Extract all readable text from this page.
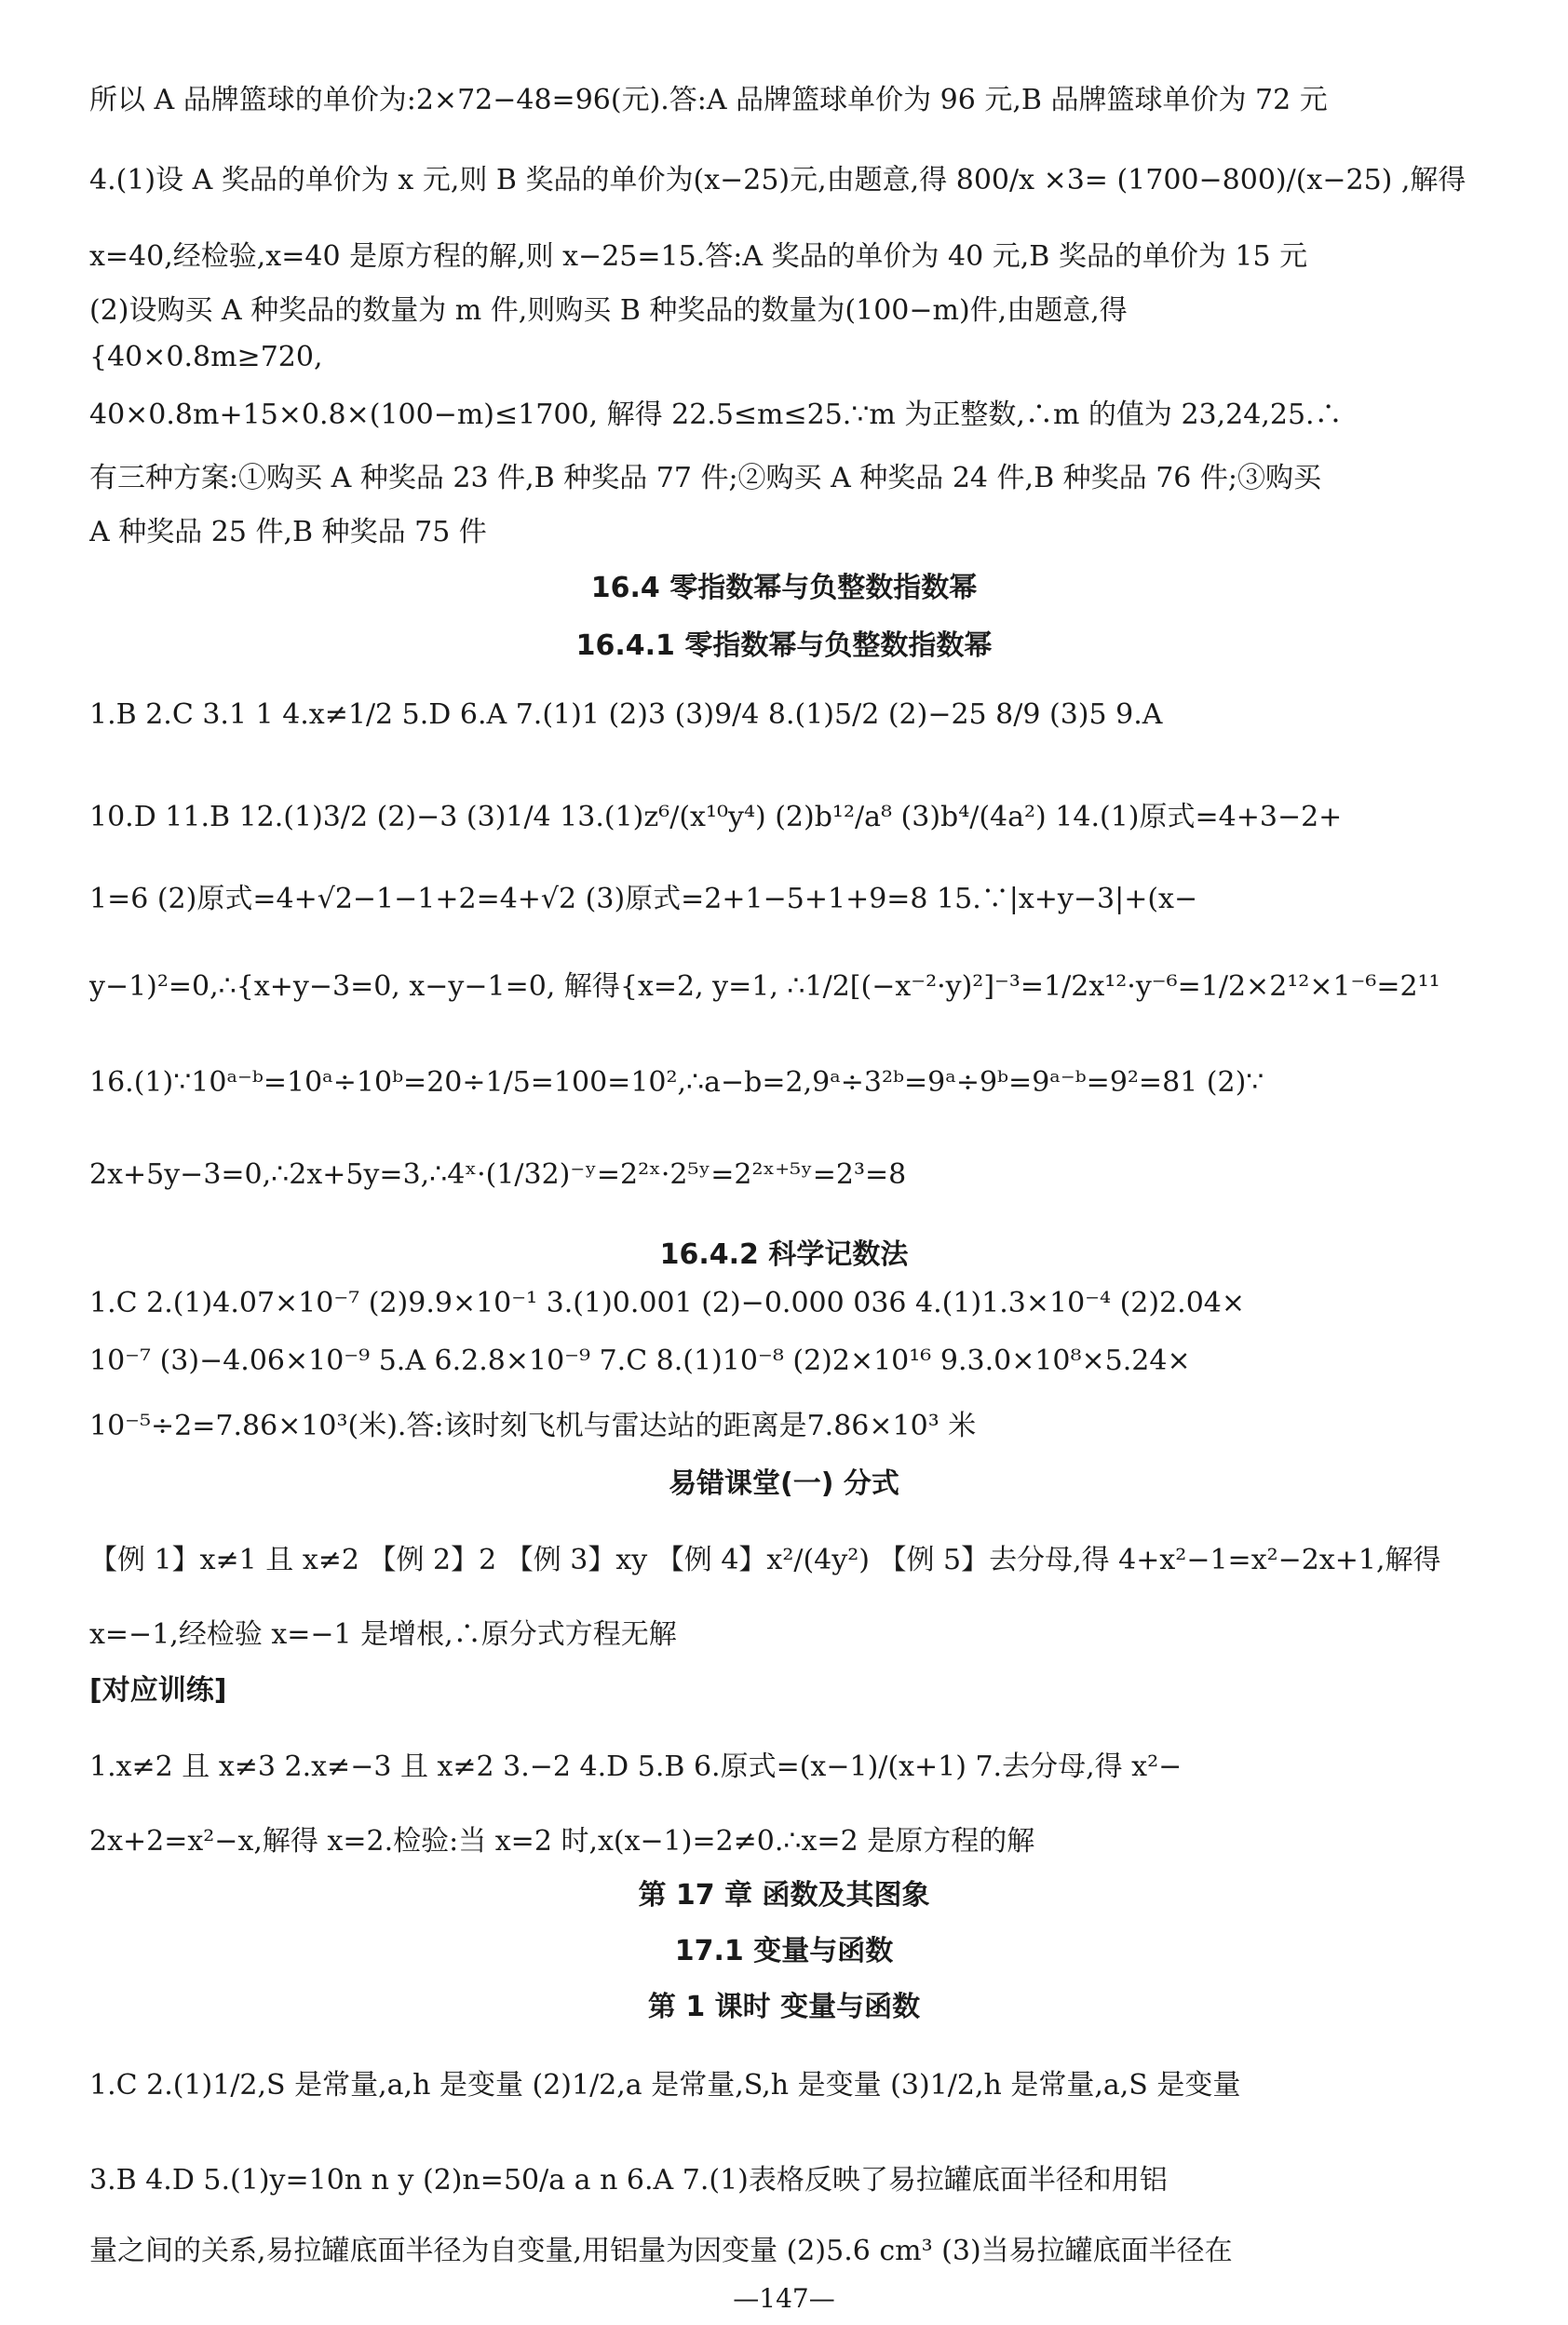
所以 A 品牌篮球的单价为:2×72−48=96(元).答:A 品牌篮球单价为 96 元,B 品牌篮球单价为 72 元
4.(1)设 A 奖品的单价为 x 元,则 B 奖品的单价为(x−25)元,由题意,得 800/x ×3= (1700−800)/(x−25) ,解得
x=40,经检验,x=40 是原方程的解,则 x−25=15.答:A 奖品的单价为 40 元,B 奖品的单价为 15 元
(2)设购买 A 种奖品的数量为 m 件,则购买 B 种奖品的数量为(100−m)件,由题意,得
{40×0.8m≥720,
40×0.8m+15×0.8×(100−m)≤1700, 解得 22.5≤m≤25.∵m 为正整数,∴m 的值为 23,24,25.∴
有三种方案:①购买 A 种奖品 23 件,B 种奖品 77 件;②购买 A 种奖品 24 件,B 种奖品 76 件;③购买
A 种奖品 25 件,B 种奖品 75 件
16.4 零指数幂与负整数指数幂
16.4.1 零指数幂与负整数指数幂
1.B 2.C 3.1 1 4.x≠1/2 5.D 6.A 7.(1)1 (2)3 (3)9/4 8.(1)5/2 (2)−25 8/9 (3)5 9.A
10.D 11.B 12.(1)3/2 (2)−3 (3)1/4 13.(1)z⁶/(x¹⁰y⁴) (2)b¹²/a⁸ (3)b⁴/(4a²) 14.(1)原式=4+3−2+
1=6 (2)原式=4+√2−1−1+2=4+√2 (3)原式=2+1−5+1+9=8 15.∵|x+y−3|+(x−
y−1)²=0,∴{x+y−3=0, x−y−1=0, 解得{x=2, y=1, ∴1/2[(−x⁻²·y)²]⁻³=1/2x¹²·y⁻⁶=1/2×2¹²×1⁻⁶=2¹¹
16.(1)∵10ᵃ⁻ᵇ=10ᵃ÷10ᵇ=20÷1/5=100=10²,∴a−b=2,9ᵃ÷3²ᵇ=9ᵃ÷9ᵇ=9ᵃ⁻ᵇ=9²=81 (2)∵
2x+5y−3=0,∴2x+5y=3,∴4ˣ·(1/32)⁻ʸ=2²ˣ·2⁵ʸ=2²ˣ⁺⁵ʸ=2³=8
16.4.2 科学记数法
1.C 2.(1)4.07×10⁻⁷ (2)9.9×10⁻¹ 3.(1)0.001 (2)−0.000 036 4.(1)1.3×10⁻⁴ (2)2.04×
10⁻⁷ (3)−4.06×10⁻⁹ 5.A 6.2.8×10⁻⁹ 7.C 8.(1)10⁻⁸ (2)2×10¹⁶ 9.3.0×10⁸×5.24×
10⁻⁵÷2=7.86×10³(米).答:该时刻飞机与雷达站的距离是7.86×10³ 米
易错课堂(一) 分式
【例 1】x≠1 且 x≠2 【例 2】2 【例 3】xy 【例 4】x²/(4y²) 【例 5】去分母,得 4+x²−1=x²−2x+1,解得
x=−1,经检验 x=−1 是增根,∴原分式方程无解
[对应训练]
1.x≠2 且 x≠3 2.x≠−3 且 x≠2 3.−2 4.D 5.B 6.原式=(x−1)/(x+1) 7.去分母,得 x²−
2x+2=x²−x,解得 x=2.检验:当 x=2 时,x(x−1)=2≠0.∴x=2 是原方程的解
第 17 章 函数及其图象
17.1 变量与函数
第 1 课时 变量与函数
1.C 2.(1)1/2,S 是常量,a,h 是变量 (2)1/2,a 是常量,S,h 是变量 (3)1/2,h 是常量,a,S 是变量
3.B 4.D 5.(1)y=10n n y (2)n=50/a a n 6.A 7.(1)表格反映了易拉罐底面半径和用铝
量之间的关系,易拉罐底面半径为自变量,用铝量为因变量 (2)5.6 cm³ (3)当易拉罐底面半径在
—147—
